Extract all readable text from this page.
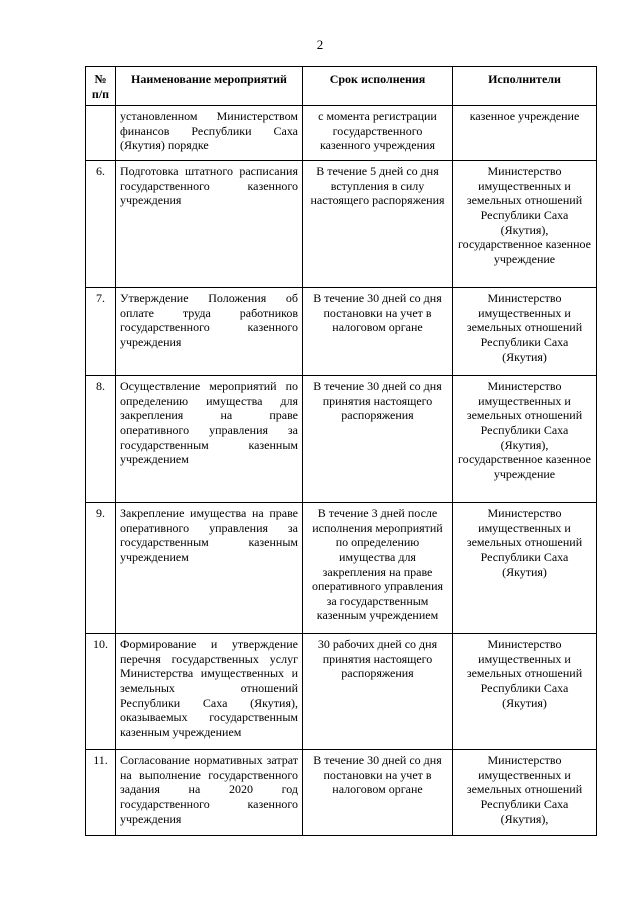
2
№ п/п	Наименование мероприятий	Срок исполнения	Исполнители
	установленном Министерством финансов Республики Саха (Якутия) порядке	с момента регистрации государственного казенного учреждения	казенное учреждение
6.	Подготовка штатного расписания государственного казенного учреждения	В течение 5 дней со дня вступления в силу настоящего распоряжения	Министерство имущественных и земельных отношений Республики Саха (Якутия), государственное казенное учреждение
7.	Утверждение Положения об оплате труда работников государственного казенного учреждения	В течение 30 дней со дня постановки на учет в налоговом органе	Министерство имущественных и земельных отношений Республики Саха (Якутия)
8.	Осуществление мероприятий по определению имущества для закрепления на праве оперативного управления за государственным казенным учреждением	В течение 30 дней со дня принятия настоящего распоряжения	Министерство имущественных и земельных отношений Республики Саха (Якутия), государственное казенное учреждение
9.	Закрепление имущества на праве оперативного управления за государственным казенным учреждением	В течение 3 дней после исполнения мероприятий по определению имущества для закрепления на праве оперативного управления за государственным казенным учреждением	Министерство имущественных и земельных отношений Республики Саха (Якутия)
10.	Формирование и утверждение перечня государственных услуг Министерства имущественных и земельных отношений Республики Саха (Якутия), оказываемых государственным казенным учреждением	30 рабочих дней со дня принятия настоящего распоряжения	Министерство имущественных и земельных отношений Республики Саха (Якутия)
11.	Согласование нормативных затрат на выполнение государственного задания на 2020 год государственного казенного учреждения	В течение 30 дней со дня постановки на учет в налоговом органе	Министерство имущественных и земельных отношений Республики Саха (Якутия),
